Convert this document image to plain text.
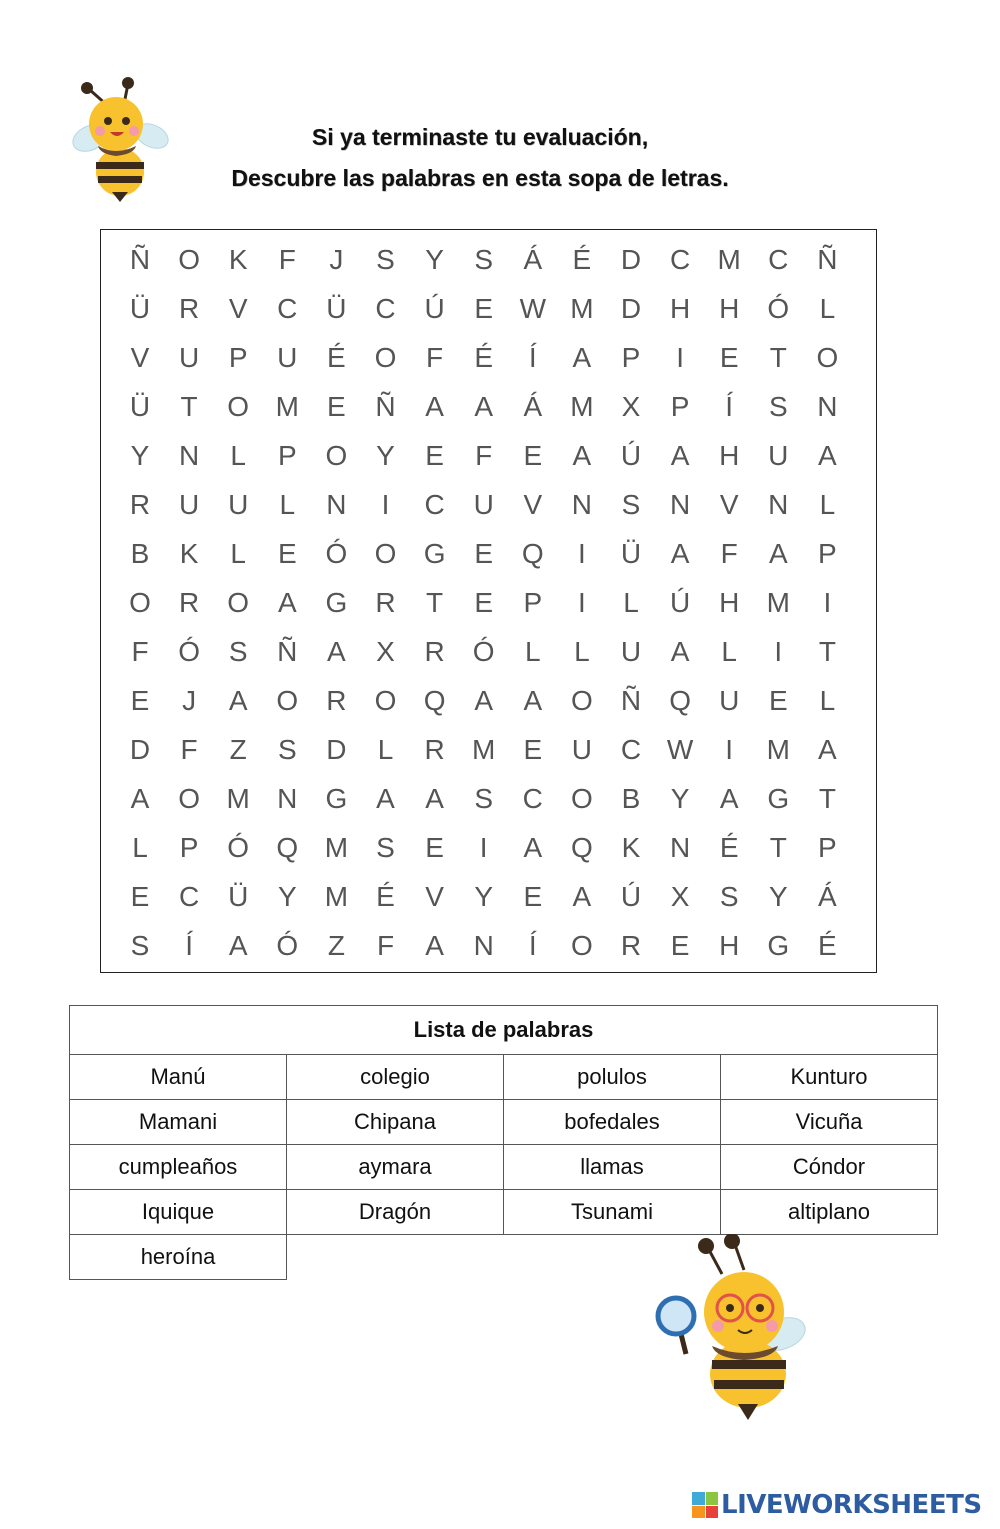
Si ya terminaste tu evaluación,
Descubre las palabras en esta sopa de letras.
Ñ	O	K	F	J	S	Y	S	Á	É	D	C M C	Ñ
Ü	R	V	C	Ü	C	Ú	E W M D	H	H	Ó	L
V	U	P	U	É	O	F	É	Í	A	P	I	E	T	O
Ü	T	O M	E	Ñ	A	A	Á	M	X	P	Í	S	N
Y	N	L	P	O	Y	E	F	E	A	Ú	A	H	U	A
R	U	U	L	N	I	C	U	V	N	S	N	V	N	L
B	K	L	E	Ó O G	E	Q	I	Ü	A	F	A	P
O	R	O	A	G	R	T	E	P	I	L	Ú	H M	I
F	Ó	S	Ñ	A	X	R	Ó	L	L	U	A	L	I	T
E	J	A	O	R	O Q	A	A	O	Ñ	Q	U	E	L
D	F	Z	S	D	L	R M	E	U	C W	I	M	A
A	O M N	G	A	A	S	C	O	B	Y	A	G	T
L	P	Ó Q M	S	E	I	A	Q	K	N	É	T	P
E	C	Ü	Y	M	É	V	Y	E	A	Ú	X	S	Y	Á
S	Í	A	Ó	Z	F	A	N	Í	O	R	E	H	G	É
Lista de palabras			
Manú	colegio	polulos	Kunturo
Mamani	Chipana	bofedales	Vicuña
cumpleaños	aymara	llamas	Cóndor
Iquique	Dragón	Tsunami	altiplano
heroína			
LIVEWORKSHEETS
